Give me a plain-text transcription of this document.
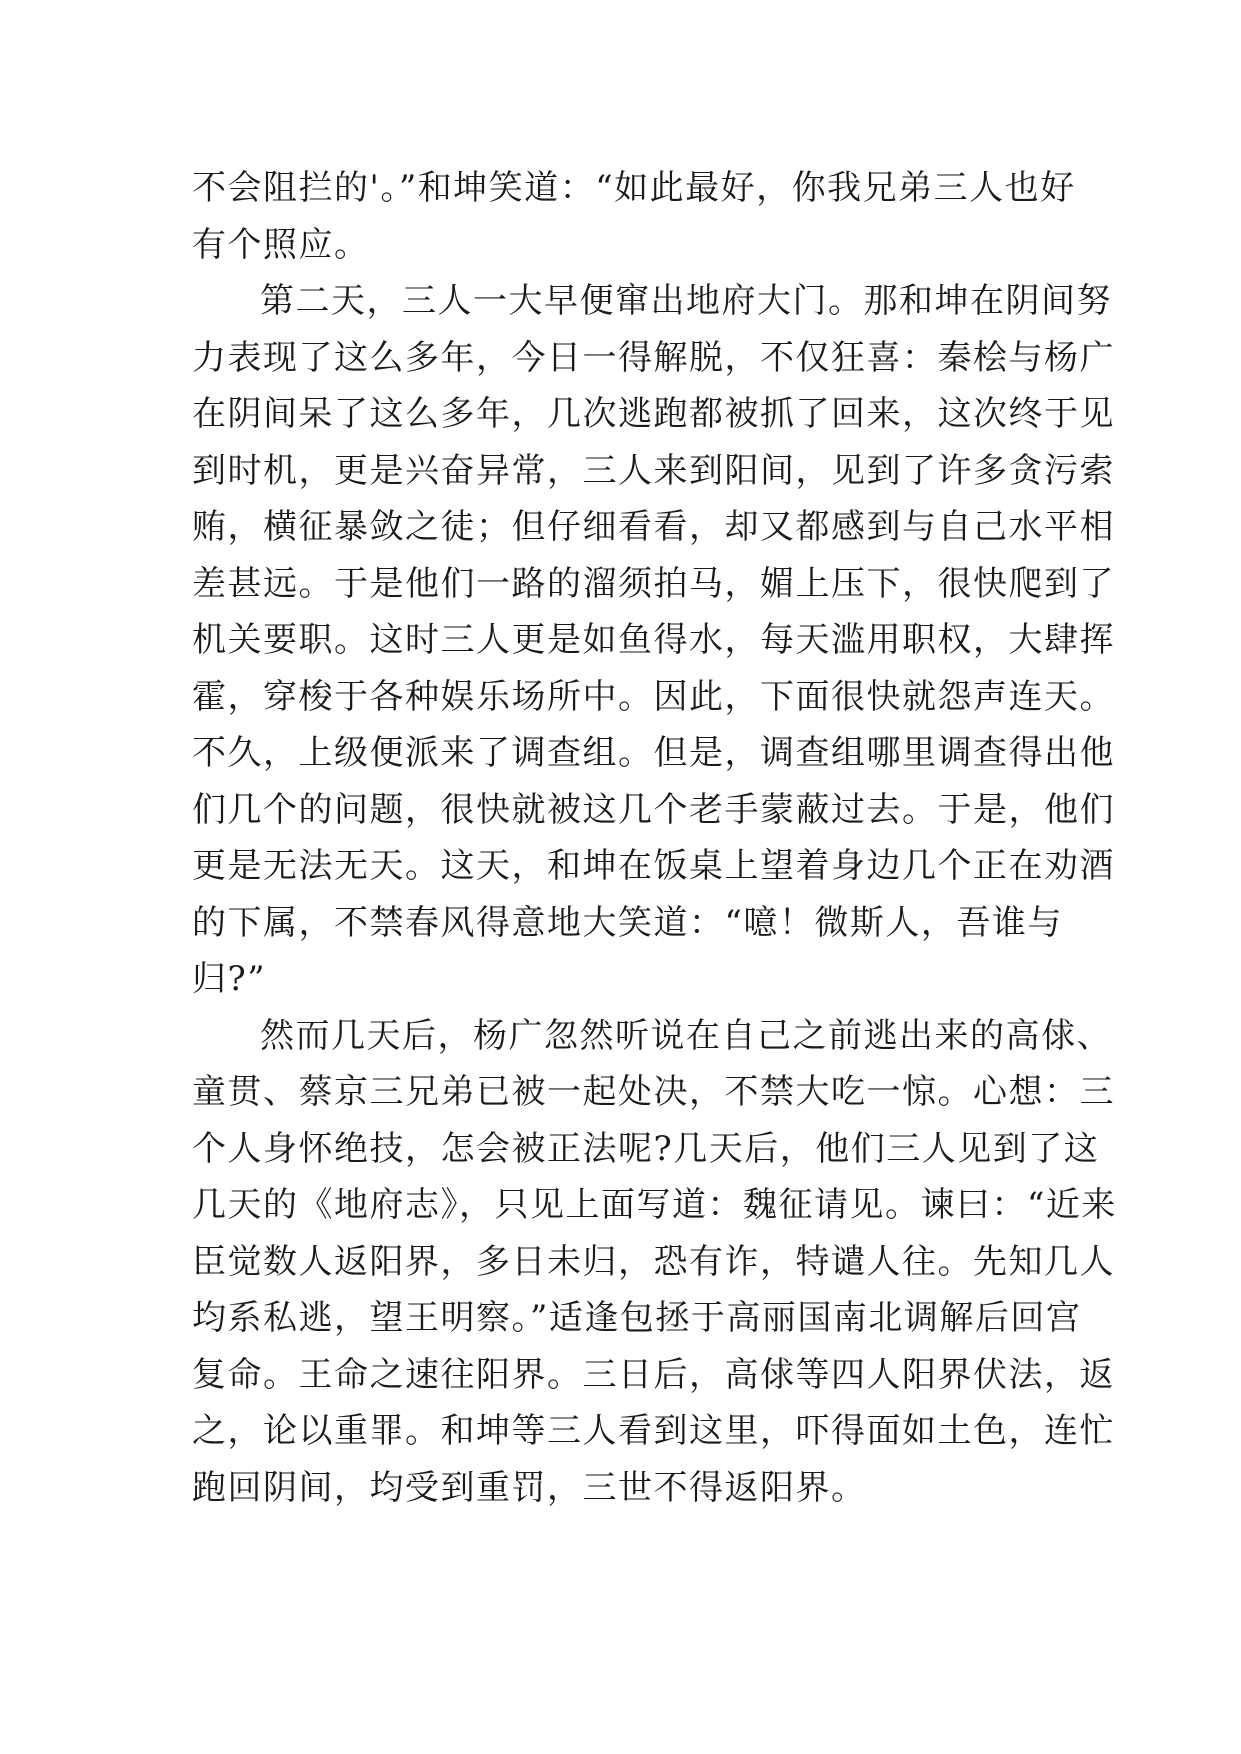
不会阻拦的'。”和坤笑道：“如此最好，你我兄弟三人也好
有个照应。
第二天，三人一大早便窜出地府大门。那和坤在阴间努
力表现了这么多年，今日一得解脱，不仅狂喜：秦桧与杨广
在阴间呆了这么多年，几次逃跑都被抓了回来，这次终于见
到时机，更是兴奋异常，三人来到阳间，见到了许多贪污索
贿，横征暴敛之徒；但仔细看看，却又都感到与自己水平相
差甚远。于是他们一路的溜须拍马，媚上压下，很快爬到了
机关要职。这时三人更是如鱼得水，每天滥用职权，大肆挥
霍，穿梭于各种娱乐场所中。因此，下面很快就怨声连天。
不久，上级便派来了调查组。但是，调查组哪里调查得出他
们几个的问题，很快就被这几个老手蒙蔽过去。于是，他们
更是无法无天。这天，和坤在饭桌上望着身边几个正在劝酒
的下属，不禁春风得意地大笑道：“噫！微斯人，吾谁与
归?”
然而几天后，杨广忽然听说在自己之前逃出来的高俅、
童贯、蔡京三兄弟已被一起处决，不禁大吃一惊。心想：三
个人身怀绝技，怎会被正法呢?几天后，他们三人见到了这
几天的《地府志》，只见上面写道：魏征请见。谏曰：“近来
臣觉数人返阳界，多日未归，恐有诈，特谴人往。先知几人
均系私逃，望王明察。”适逢包拯于高丽国南北调解后回宫
复命。王命之速往阳界。三日后，高俅等四人阳界伏法，返
之，论以重罪。和坤等三人看到这里，吓得面如土色，连忙
跑回阴间，均受到重罚，三世不得返阳界。
